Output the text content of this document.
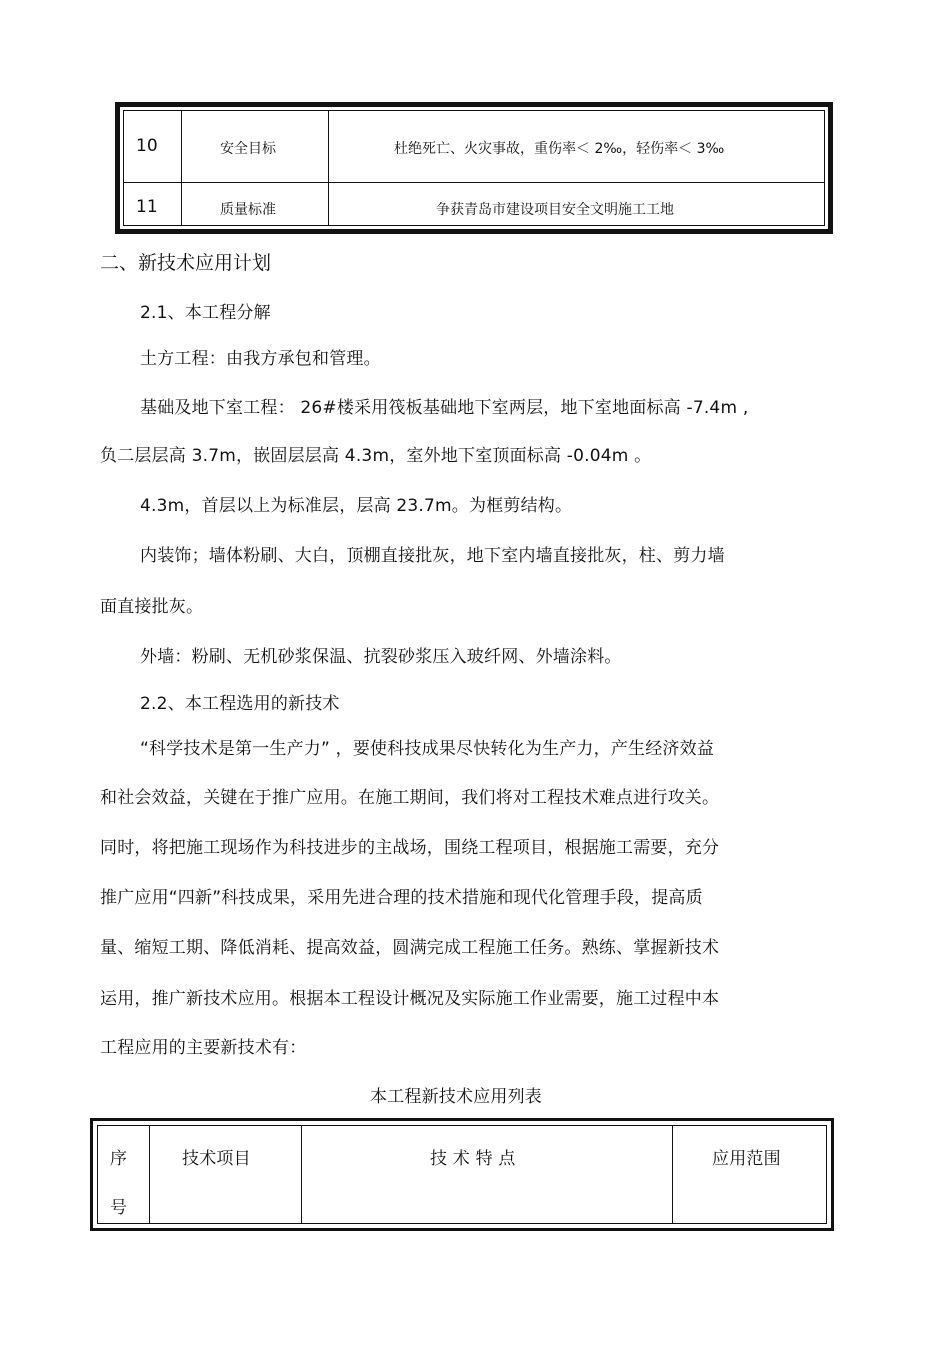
10	安全目标	杜绝死亡、火灾事故，重伤率＜ 2‰，轻伤率＜ 3‰
11	质量标准	争获青岛市建设项目安全文明施工工地
二、新技术应用计划
2.1、本工程分解
土方工程：由我方承包和管理。
基础及地下室工程： 26#楼采用筏板基础地下室两层，地下室地面标高 -7.4m ,
负二层层高 3.7m，嵌固层层高 4.3m，室外地下室顶面标高 -0.04m 。
4.3m，首层以上为标准层，层高 23.7m。为框剪结构。
内装饰；墙体粉刷、大白，顶棚直接批灰，地下室内墙直接批灰，柱、剪力墙
面直接批灰。
外墙：粉刷、无机砂浆保温、抗裂砂浆压入玻纤网、外墙涂料。
2.2、本工程选用的新技术
“科学技术是第一生产力” ，要使科技成果尽快转化为生产力，产生经济效益
和社会效益，关键在于推广应用。在施工期间，我们将对工程技术难点进行攻关。
同时，将把施工现场作为科技进步的主战场，围绕工程项目，根据施工需要，充分
推广应用“四新”科技成果，采用先进合理的技术措施和现代化管理手段，提高质
量、缩短工期、降低消耗、提高效益，圆满完成工程施工任务。熟练、掌握新技术
运用，推广新技术应用。根据本工程设计概况及实际施工作业需要，施工过程中本
工程应用的主要新技术有：
本工程新技术应用列表
序
号
技术项目	技 术 特 点	应用范围
